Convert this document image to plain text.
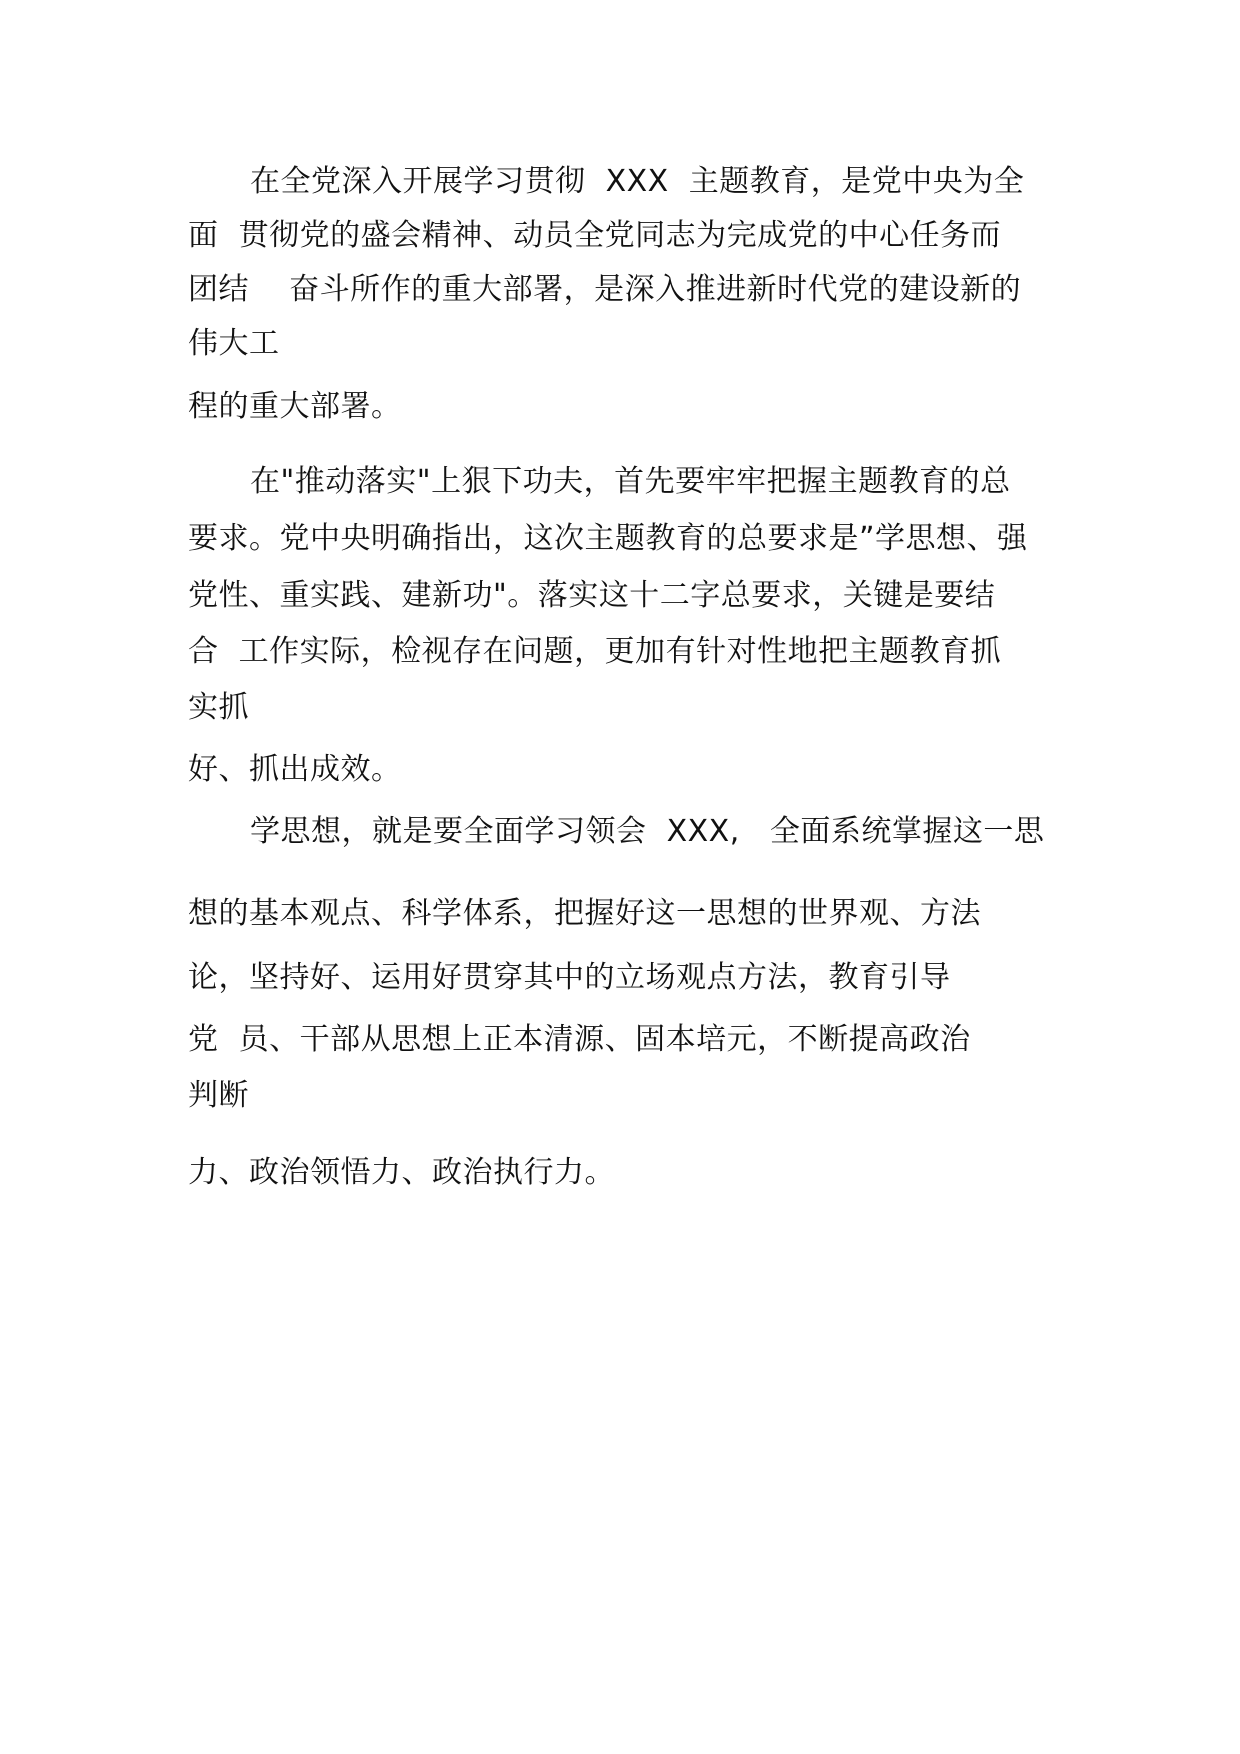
在全党深入开展学习贯彻  XXX  主题教育，是党中央为全
面  贯彻党的盛会精神、动员全党同志为完成党的中心任务而
团结    奋斗所作的重大部署，是深入推进新时代党的建设新的
伟大工
程的重大部署。
在"推动落实"上狠下功夫，首先要牢牢把握主题教育的总
要求。党中央明确指出，这次主题教育的总要求是”学思想、强
党性、重实践、建新功"。落实这十二字总要求，关键是要结
合  工作实际，检视存在问题，更加有针对性地把主题教育抓
实抓
好、抓出成效。
学思想，就是要全面学习领会  XXX,   全面系统掌握这一思
想的基本观点、科学体系，把握好这一思想的世界观、方法
论，坚持好、运用好贯穿其中的立场观点方法，教育引导
党  员、干部从思想上正本清源、固本培元，不断提高政治
判断
力、政治领悟力、政治执行力。
